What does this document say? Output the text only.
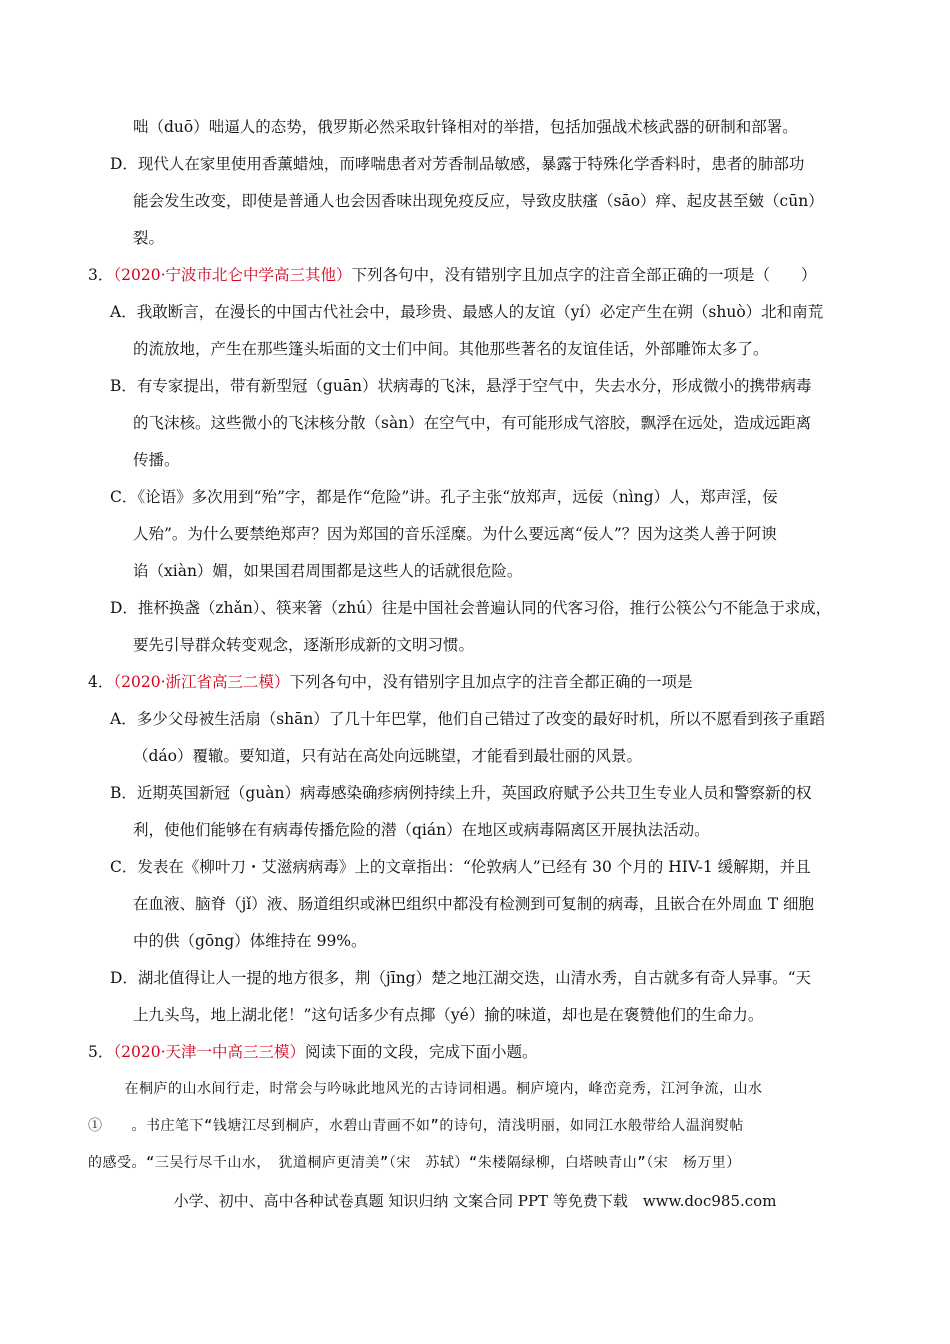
咄（duō）咄逼人的态势，俄罗斯必然采取针锋相对的举措，包括加强战术核武器的研制和部署。
D．现代人在家里使用香薰蜡烛，而哮喘患者对芳香制品敏感，暴露于特殊化学香料时，患者的肺部功
能会发生改变，即使是普通人也会因香味出现免疫反应，导致皮肤瘙（sāo）痒、起皮甚至皴（cūn）
裂。
3．（2020·宁波市北仑中学高三其他）下列各句中，没有错别字且加点字的注音全部正确的一项是（　　）
A．我敢断言，在漫长的中国古代社会中，最珍贵、最感人的友谊（yí）必定产生在朔（shuò）北和南荒
的流放地，产生在那些篷头垢面的文士们中间。其他那些著名的友谊佳话，外部雕饰太多了。
B．有专家提出，带有新型冠（guān）状病毒的飞沫，悬浮于空气中，失去水分，形成微小的携带病毒
的飞沫核。这些微小的飞沫核分散（sàn）在空气中，有可能形成气溶胶，飘浮在远处，造成远距离
传播。
C．《论语》多次用到“殆”字，都是作“危险”讲。孔子主张“放郑声，远佞（nìng）人，郑声淫，佞
人殆”。为什么要禁绝郑声？因为郑国的音乐淫糜。为什么要远离“佞人”？因为这类人善于阿谀
谄（xiàn）媚，如果国君周围都是这些人的话就很危险。
D．推杯换盏（zhǎn）、筷来箸（zhú）往是中国社会普遍认同的代客习俗，推行公筷公勺不能急于求成，
要先引导群众转变观念，逐渐形成新的文明习惯。
4．（2020·浙江省高三二模）下列各句中，没有错别字且加点字的注音全都正确的一项是
A．多少父母被生活扇（shān）了几十年巴掌，他们自己错过了改变的最好时机，所以不愿看到孩子重蹈
（dáo）覆辙。要知道，只有站在高处向远眺望，才能看到最壮丽的风景。
B．近期英国新冠（guàn）病毒感染确疹病例持续上升，英国政府赋予公共卫生专业人员和警察新的权
利，使他们能够在有病毒传播危险的潜（qián）在地区或病毒隔离区开展执法活动。
C．发表在《柳叶刀・艾滋病病毒》上的文章指出：“伦敦病人”已经有 30 个月的 HIV-1 缓解期，并且
在血液、脑脊（jǐ）液、肠道组织或淋巴组织中都没有检测到可复制的病毒，且嵌合在外周血 T 细胞
中的供（gōng）体维持在 99%。
D．湖北值得让人一提的地方很多，荆（jīng）楚之地江湖交迭，山清水秀，自古就多有奇人异事。“天
上九头鸟，地上湖北佬！”这句话多少有点揶（yé）揄的味道，却也是在褒赞他们的生命力。
5．（2020·天津一中高三三模）阅读下面的文段，完成下面小题。
　在桐庐的山水间行走，时常会与吟咏此地风光的古诗词相遇。桐庐境内，峰峦竞秀，江河争流，山水
①　　。书庄笔下“钱塘江尽到桐庐，水碧山青画不如”的诗句，清浅明丽，如同江水般带给人温润熨帖
的感受。“三吴行尽千山水，　犹道桐庐更清美”（宋　苏轼）“朱楼隔绿柳，白塔映青山”（宋　杨万里）
小学、初中、高中各种试卷真题 知识归纳 文案合同 PPT 等免费下载　www.doc985.com
